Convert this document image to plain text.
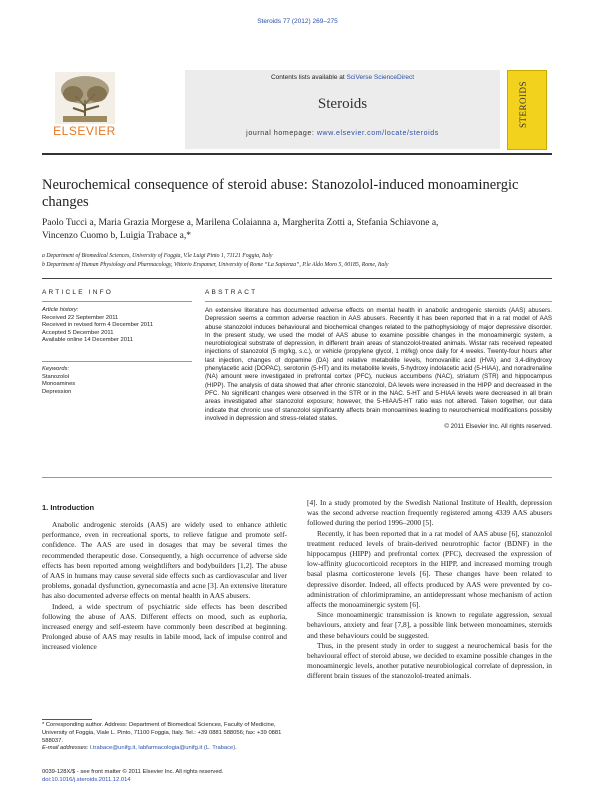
Steroids 77 (2012) 269–275
Contents lists available at SciVerse ScienceDirect
Steroids
journal homepage: www.elsevier.com/locate/steroids
ELSEVIER
STEROIDS
Neurochemical consequence of steroid abuse: Stanozolol-induced monoaminergic changes
Paolo Tucci a, Maria Grazia Morgese a, Marilena Colaianna a, Margherita Zotti a, Stefania Schiavone a,
Vincenzo Cuomo b, Luigia Trabace a,*
a Department of Biomedical Sciences, University of Foggia, V.le Luigi Pinto 1, 71121 Foggia, Italy
b Department of Human Physiology and Pharmacology, Vittorio Erspamer, University of Rome “La Sapienza”, P.le Aldo Moro 5, 00185, Rome, Italy
ARTICLE INFO	ABSTRACT
Article history:
Received 22 September 2011
Received in revised form 4 December 2011
Accepted 5 December 2011
Available online 14 December 2011
Keywords:
Stanozolol
Monoamines
Depression
An extensive literature has documented adverse effects on mental health in anabolic androgenic steroids (AAS) abusers. Depression seems a common adverse reaction in AAS abusers. Recently it has been reported that in a rat model of AAS abuse stanozolol induces behavioural and biochemical changes related to the pathophysiology of major depressive disorder. In the present study, we used the model of AAS abuse to examine possible changes in the monoaminergic system, a neurobiological substrate of depression, in different brain areas of stanozolol-treated animals. Wistar rats received repeated injections of stanozolol (5 mg/kg, s.c.), or vehicle (propylene glycol, 1 ml/kg) once daily for 4 weeks. Twenty-four hours after last injection, changes of dopamine (DA) and relative metabolite levels, homovanillic acid (HVA) and 3,4-dihydroxy phenylacetic acid (DOPAC), serotonin (5-HT) and its metabolite levels, 5-hydroxy indolacetic acid (5-HIAA), and noradrenaline (NA) amount were investigated in prefrontal cortex (PFC), nucleus accumbens (NAC), striatum (STR) and hippocampus (HIPP). The analysis of data showed that after chronic stanozolol, DA levels were increased in the HIPP and decreased in the PFC. No significant changes were observed in the STR or in the NAC. 5-HT and 5-HIAA levels were decreased in all brain areas investigated after stanozolol exposure; however, the 5-HIAA/5-HT ratio was not altered. Taken together, our data indicate that chronic use of stanozolol significantly affects brain monoamines leading to neurochemical modifications possibly involved in depression and stress-related states.
© 2011 Elsevier Inc. All rights reserved.
1. Introduction

Anabolic androgenic steroids (AAS) are widely used to enhance athletic performance, even in recreational sports, to relieve fatigue and promote self-confidence. The AAS are used in dosages that may be several times the recommended therapeutic dose. Consequently, a high occurrence of adverse side effects has been reported among weightlifters and bodybuilders [1,2]. The abuse of AAS in humans may cause several side effects such as cardiovascular and liver problems, gonadal dysfunction, gynecomastia and acne [3]. An extensive literature has also documented adverse effects on mental health in AAS abusers.

Indeed, a wide spectrum of psychiatric side effects has been described following the abuse of AAS. Different effects on mood, such as euphoria, increased energy and self-esteem have commonly been described at beginning. Prolonged abuse of AAS may results in labile mood, lack of impulse control and increased violence

[4]. In a study promoted by the Swedish National Institute of Health, depression was the second adverse reaction frequently registered among 4339 AAS abusers followed during the period 1996–2000 [5].

Recently, it has been reported that in a rat model of AAS abuse [6], stanozolol treatment reduced levels of brain-derived neurotrophic factor (BDNF) in the hippocampus (HIPP) and prefrontal cortex (PFC), decreased the expression of low-affinity glucocorticoid receptors in the HIPP, and increased morning trough basal plasma corticosterone levels [6]. These changes have been related to depressive disorder. Indeed, all effects produced by AAS were prevented by co-administration of chlorimipramine, an antidepressant whose mechanism of action affects the monoaminergic system [6].

Since monoaminergic transmission is known to regulate aggression, sexual behaviours, anxiety and fear [7,8], a possible link between monoamines, steroids and these behaviours could be suggested.

Thus, in the present study in order to suggest a neurochemical basis for the behavioural effect of steroid abuse, we decided to examine possible changes in the monoaminergic levels, another putative neurobiological correlate of depression, in different brain tissues of the stanozolol-treated animals.

* Corresponding author. Address: Department of Biomedical Sciences, Faculty of Medicine, University of Foggia, Viale L. Pinto, 71100 Foggia, Italy. Tel.: +39 0881 588056; fax: +39 0881 588037.
E-mail addresses: l.trabace@unifg.it, labfarmacologia@unifg.it (L. Trabace).
0039-128X/$ - see front matter © 2011 Elsevier Inc. All rights reserved.
doi:10.1016/j.steroids.2011.12.014
